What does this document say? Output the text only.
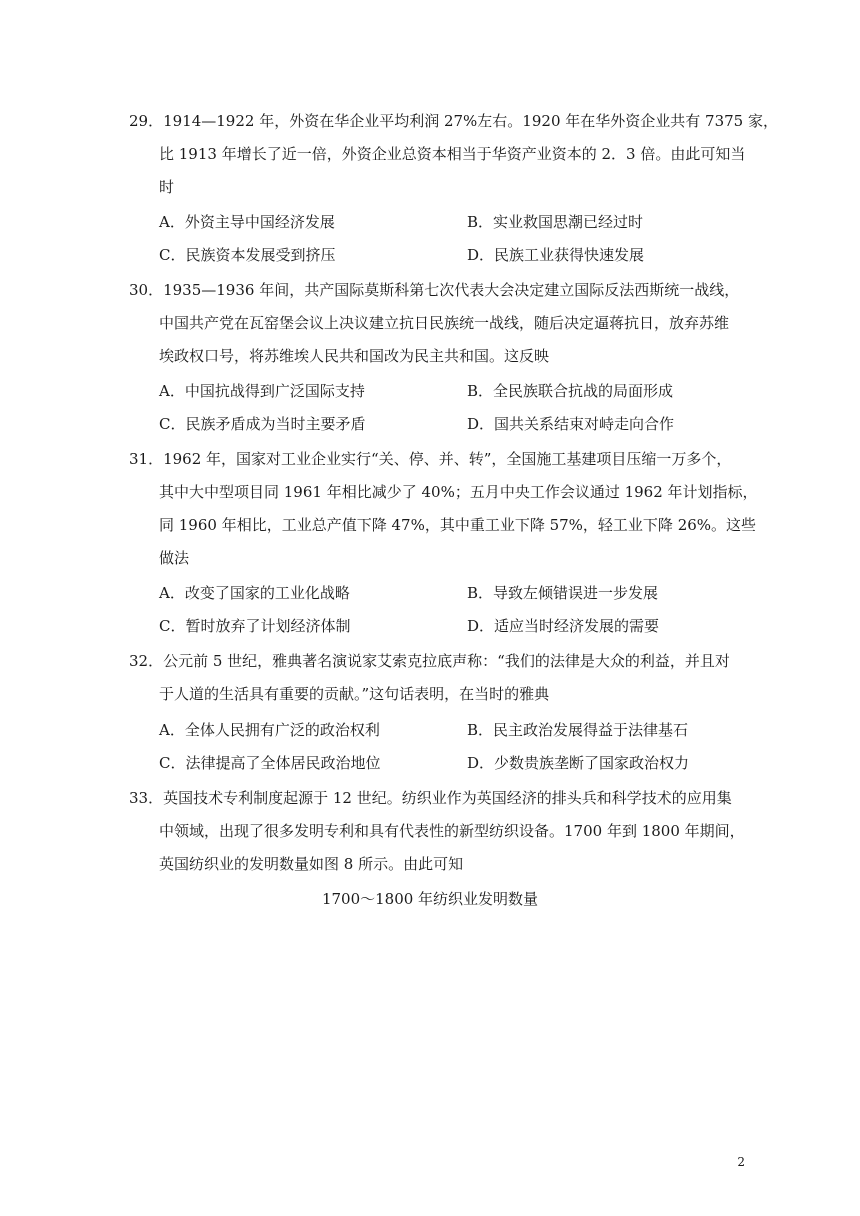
29．1914—1922 年，外资在华企业平均利润 27%左右。1920 年在华外资企业共有 7375 家，
比 1913 年增长了近一倍，外资企业总资本相当于华资产业资本的 2．3 倍。由此可知当
时
A．外资主导中国经济发展	B．实业救国思潮已经过时
C．民族资本发展受到挤压	D．民族工业获得快速发展
30．1935—1936 年间，共产国际莫斯科第七次代表大会决定建立国际反法西斯统一战线，
中国共产党在瓦窑堡会议上决议建立抗日民族统一战线，随后决定逼蒋抗日，放弃苏维
埃政权口号，将苏维埃人民共和国改为民主共和国。这反映
A．中国抗战得到广泛国际支持	B．全民族联合抗战的局面形成
C．民族矛盾成为当时主要矛盾	D．国共关系结束对峙走向合作
31．1962 年，国家对工业企业实行“关、停、并、转”，全国施工基建项目压缩一万多个，
其中大中型项目同 1961 年相比减少了 40%；五月中央工作会议通过 1962 年计划指标，
同 1960 年相比，工业总产值下降 47%，其中重工业下降 57%，轻工业下降 26%。这些
做法
A．改变了国家的工业化战略	B．导致左倾错误进一步发展
C．暂时放弃了计划经济体制	D．适应当时经济发展的需要
32．公元前 5 世纪，雅典著名演说家艾索克拉底声称：“我们的法律是大众的利益，并且对
于人道的生活具有重要的贡献。”这句话表明，在当时的雅典
A．全体人民拥有广泛的政治权利	B．民主政治发展得益于法律基石
C．法律提高了全体居民政治地位	D．少数贵族垄断了国家政治权力
33．英国技术专利制度起源于 12 世纪。纺织业作为英国经济的排头兵和科学技术的应用集
中领域，出现了很多发明专利和具有代表性的新型纺织设备。1700 年到 1800 年期间，
英国纺织业的发明数量如图 8 所示。由此可知
1700～1800 年纺织业发明数量
2
